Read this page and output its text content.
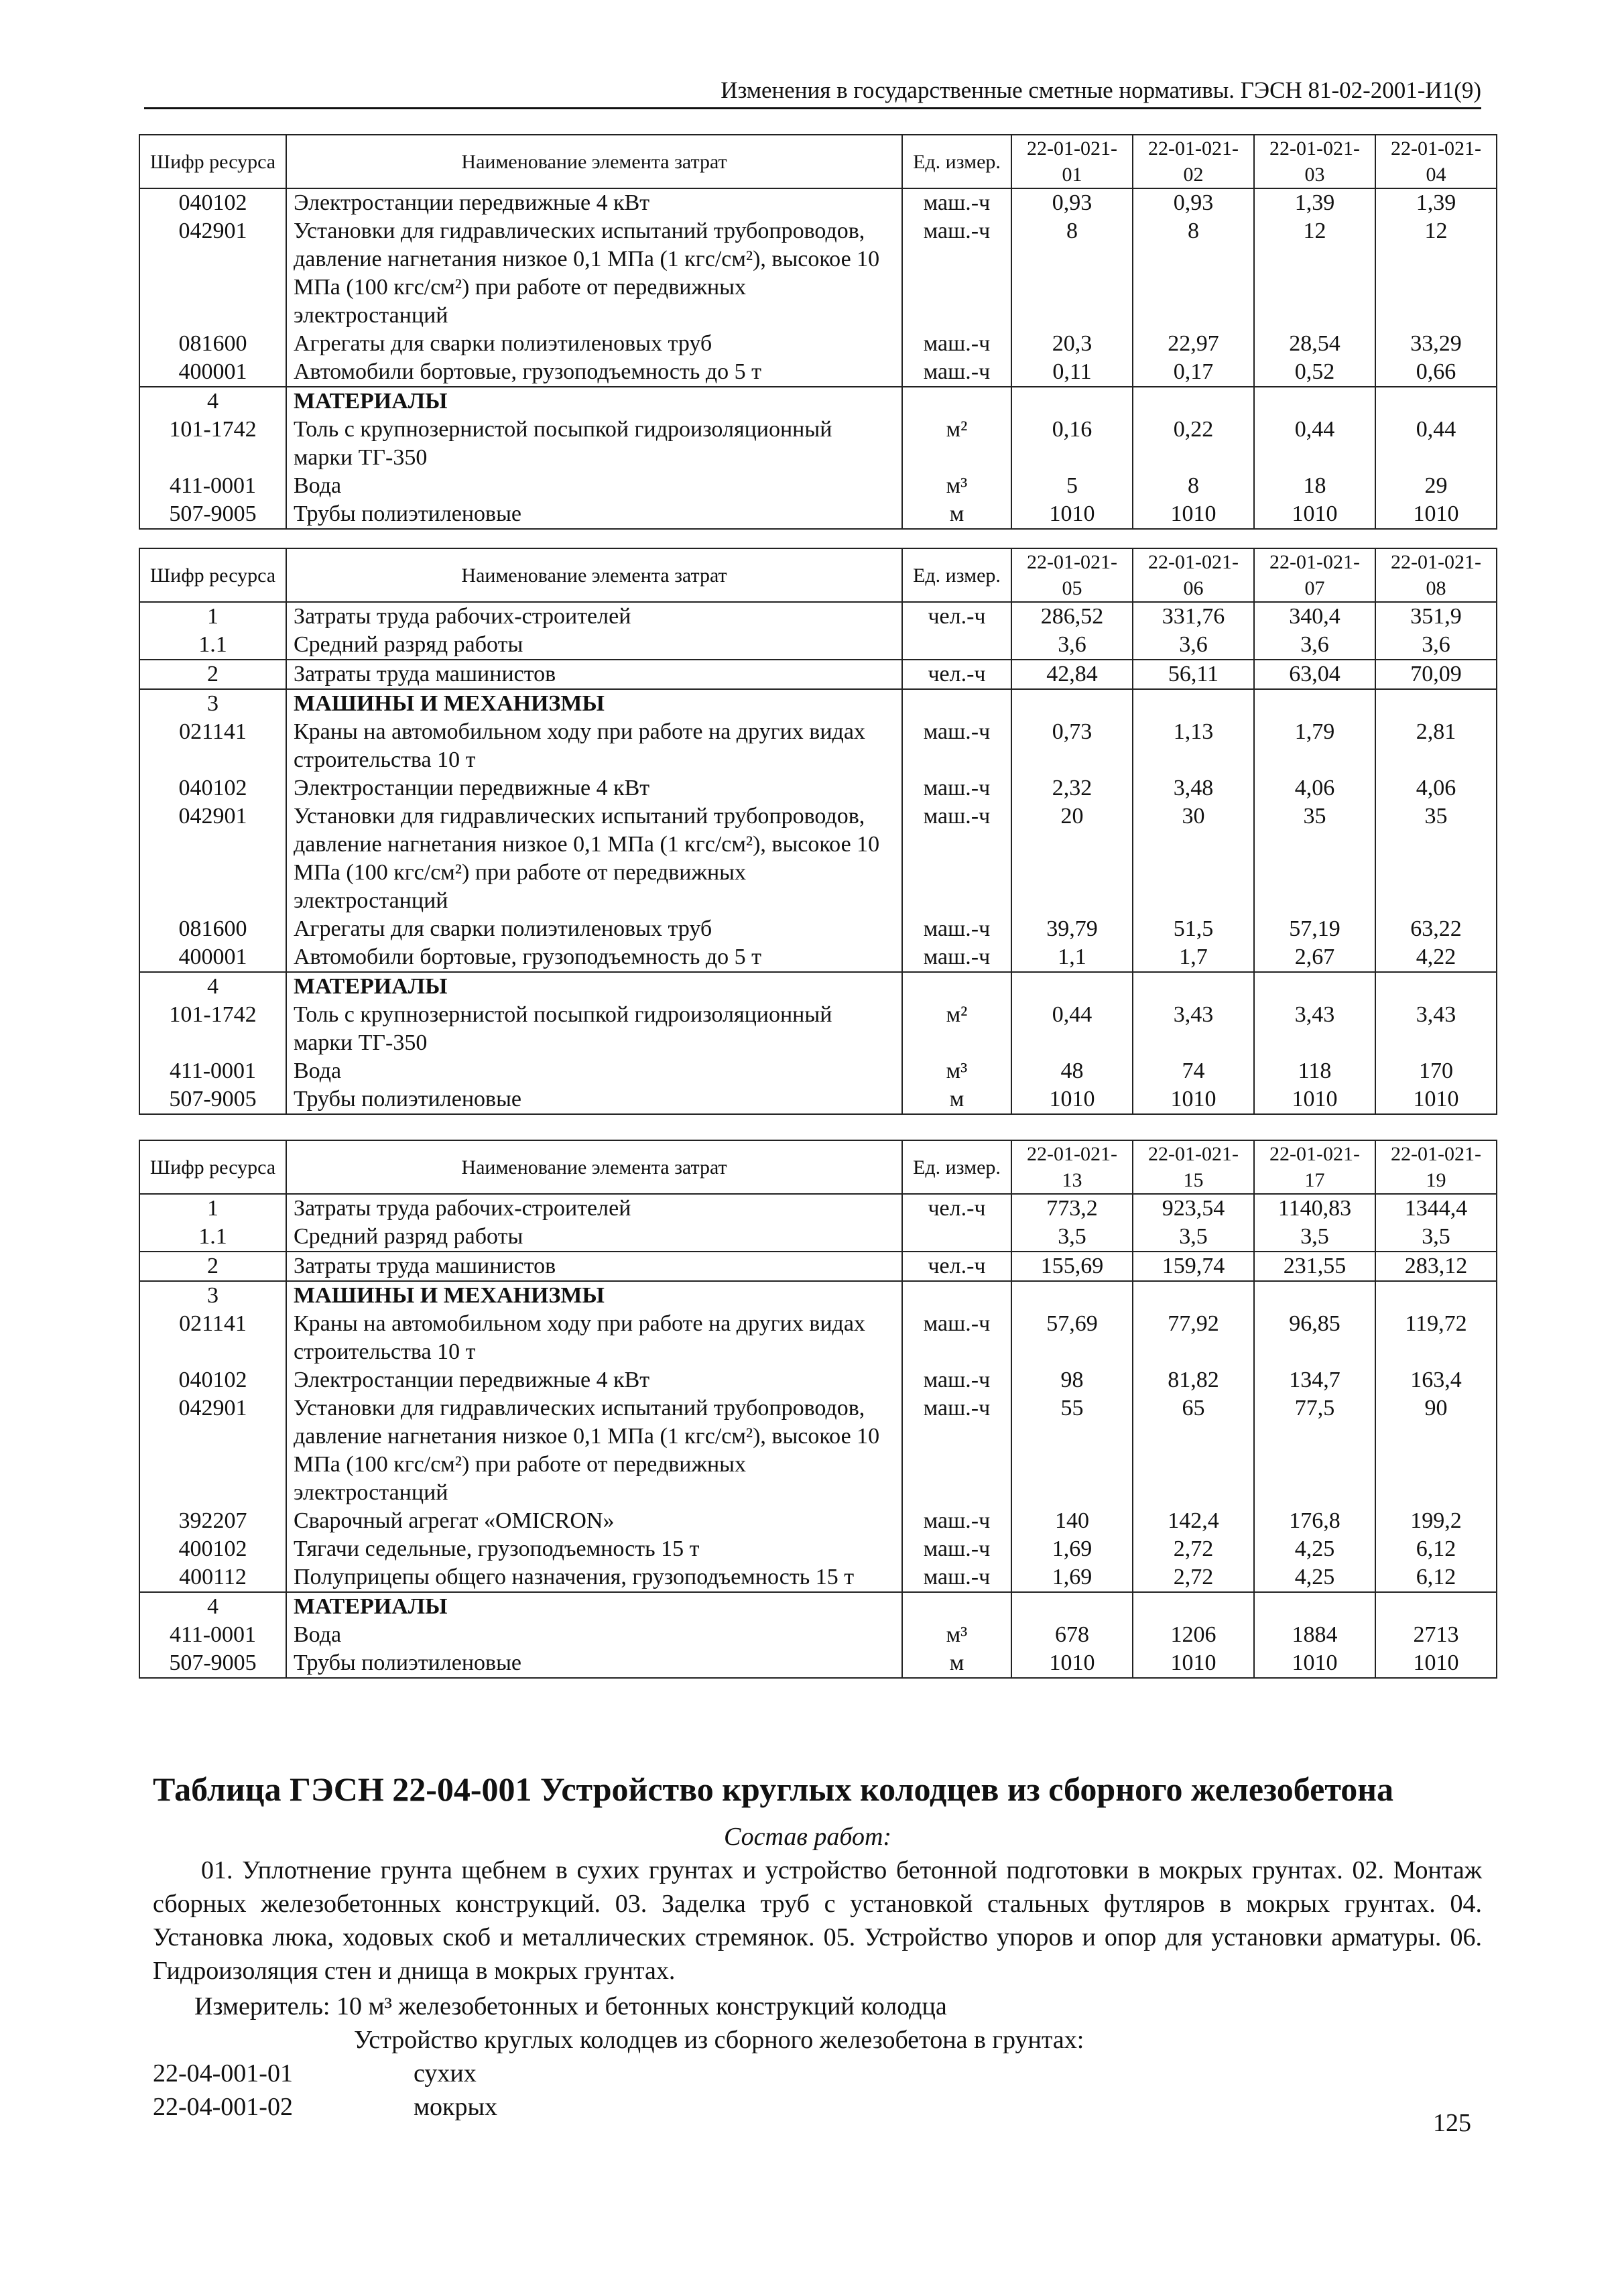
Изменения в государственные сметные нормативы. ГЭСН 81-02-2001-И1(9)
Шифр ресурса	Наименование элемента затрат	Ед. измер.	22-01-021-01	22-01-021-02	22-01-021-03	22-01-021-04
040102	Электростанции передвижные 4 кВт	маш.-ч	0,93	0,93	1,39	1,39
042901	Установки для гидравлических испытаний трубопроводов, давление нагнетания низкое 0,1 МПа (1 кгс/см²), высокое 10 МПа (100 кгс/см²) при работе от передвижных электростанций	маш.-ч	8	8	12	12
081600	Агрегаты для сварки полиэтиленовых труб	маш.-ч	20,3	22,97	28,54	33,29
400001	Автомобили бортовые, грузоподъемность до 5 т	маш.-ч	0,11	0,17	0,52	0,66
4	МАТЕРИАЛЫ					
101-1742	Толь с крупнозернистой посыпкой гидроизоляционный марки ТГ-350	м²	0,16	0,22	0,44	0,44
411-0001	Вода	м³	5	8	18	29
507-9005	Трубы полиэтиленовые	м	1010	1010	1010	1010
Шифр ресурса	Наименование элемента затрат	Ед. измер.	22-01-021-05	22-01-021-06	22-01-021-07	22-01-021-08
1	Затраты труда рабочих-строителей	чел.-ч	286,52	331,76	340,4	351,9
1.1	Средний разряд работы		3,6	3,6	3,6	3,6
2	Затраты труда машинистов	чел.-ч	42,84	56,11	63,04	70,09
3	МАШИНЫ И МЕХАНИЗМЫ					
021141	Краны на автомобильном ходу при работе на других видах строительства 10 т	маш.-ч	0,73	1,13	1,79	2,81
040102	Электростанции передвижные 4 кВт	маш.-ч	2,32	3,48	4,06	4,06
042901	Установки для гидравлических испытаний трубопроводов, давление нагнетания низкое 0,1 МПа (1 кгс/см²), высокое 10 МПа (100 кгс/см²) при работе от передвижных электростанций	маш.-ч	20	30	35	35
081600	Агрегаты для сварки полиэтиленовых труб	маш.-ч	39,79	51,5	57,19	63,22
400001	Автомобили бортовые, грузоподъемность до 5 т	маш.-ч	1,1	1,7	2,67	4,22
4	МАТЕРИАЛЫ					
101-1742	Толь с крупнозернистой посыпкой гидроизоляционный марки ТГ-350	м²	0,44	3,43	3,43	3,43
411-0001	Вода	м³	48	74	118	170
507-9005	Трубы полиэтиленовые	м	1010	1010	1010	1010
Шифр ресурса	Наименование элемента затрат	Ед. измер.	22-01-021-13	22-01-021-15	22-01-021-17	22-01-021-19
1	Затраты труда рабочих-строителей	чел.-ч	773,2	923,54	1140,83	1344,4
1.1	Средний разряд работы		3,5	3,5	3,5	3,5
2	Затраты труда машинистов	чел.-ч	155,69	159,74	231,55	283,12
3	МАШИНЫ И МЕХАНИЗМЫ					
021141	Краны на автомобильном ходу при работе на других видах строительства 10 т	маш.-ч	57,69	77,92	96,85	119,72
040102	Электростанции передвижные 4 кВт	маш.-ч	98	81,82	134,7	163,4
042901	Установки для гидравлических испытаний трубопроводов, давление нагнетания низкое 0,1 МПа (1 кгс/см²), высокое 10 МПа (100 кгс/см²) при работе от передвижных электростанций	маш.-ч	55	65	77,5	90
392207	Сварочный агрегат «OMICRON»	маш.-ч	140	142,4	176,8	199,2
400102	Тягачи седельные, грузоподъемность 15 т	маш.-ч	1,69	2,72	4,25	6,12
400112	Полуприцепы общего назначения, грузоподъемность 15 т	маш.-ч	1,69	2,72	4,25	6,12
4	МАТЕРИАЛЫ					
411-0001	Вода	м³	678	1206	1884	2713
507-9005	Трубы полиэтиленовые	м	1010	1010	1010	1010
Таблица ГЭСН 22-04-001 Устройство круглых колодцев из сборного железобетона
Состав работ:
01. Уплотнение грунта щебнем в сухих грунтах и устройство бетонной подготовки в мокрых грунтах. 02. Монтаж сборных железобетонных конструкций. 03. Заделка труб с установкой стальных футляров в мокрых грунтах. 04. Установка люка, ходовых скоб и металлических стремянок. 05. Устройство упоров и опор для установки арматуры. 06. Гидроизоляция стен и днища в мокрых грунтах.
Измеритель: 10 м³ железобетонных и бетонных конструкций колодца
Устройство круглых колодцев из сборного железобетона в грунтах:
22-04-001-01	сухих
22-04-001-02	мокрых
125
